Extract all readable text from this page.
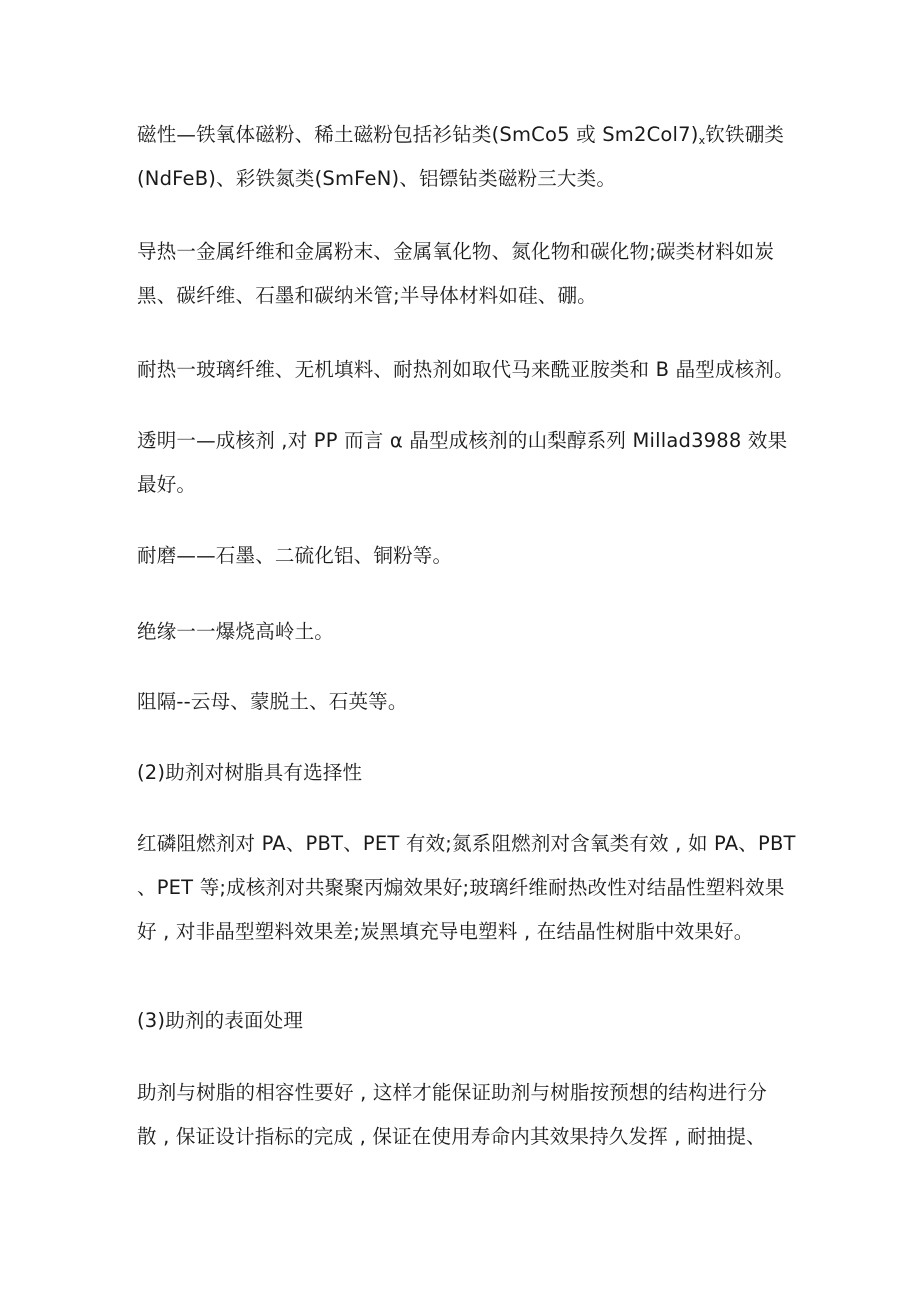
磁性—铁氧体磁粉、稀土磁粉包括衫钻类(SmCo5 或 $Sm2Col7)_x$钦铁硼类
(NdFeB)、彩铁氮类(SmFeN)、铝镖钻类磁粉三大类。

导热一金属纤维和金属粉末、金属氧化物、氮化物和碳化物;碳类材料如炭
黑、碳纤维、石墨和碳纳米管;半导体材料如硅、硼。

耐热一玻璃纤维、无机填料、耐热剂如取代马来酰亚胺类和 B 晶型成核剂。

透明一—成核剂 ,对 PP 而言 α 晶型成核剂的山梨醇系列 Millad3988 效果
最好。

耐磨——石墨、二硫化铝、铜粉等。

绝缘一一爆烧高岭土。

阻隔--云母、蒙脱土、石英等。

(2)助剂对树脂具有选择性

红磷阻燃剂对 PA、PBT、PET 有效;氮系阻燃剂对含氧类有效 , 如 PA、PBT
、PET 等;成核剂对共聚聚丙煽效果好;玻璃纤维耐热改性对结晶性塑料效果
好 , 对非晶型塑料效果差;炭黑填充导电塑料 , 在结晶性树脂中效果好。

(3)助剂的表面处理

助剂与树脂的相容性要好 , 这样才能保证助剂与树脂按预想的结构进行分
散 , 保证设计指标的完成 , 保证在使用寿命内其效果持久发挥 , 耐抽提、
